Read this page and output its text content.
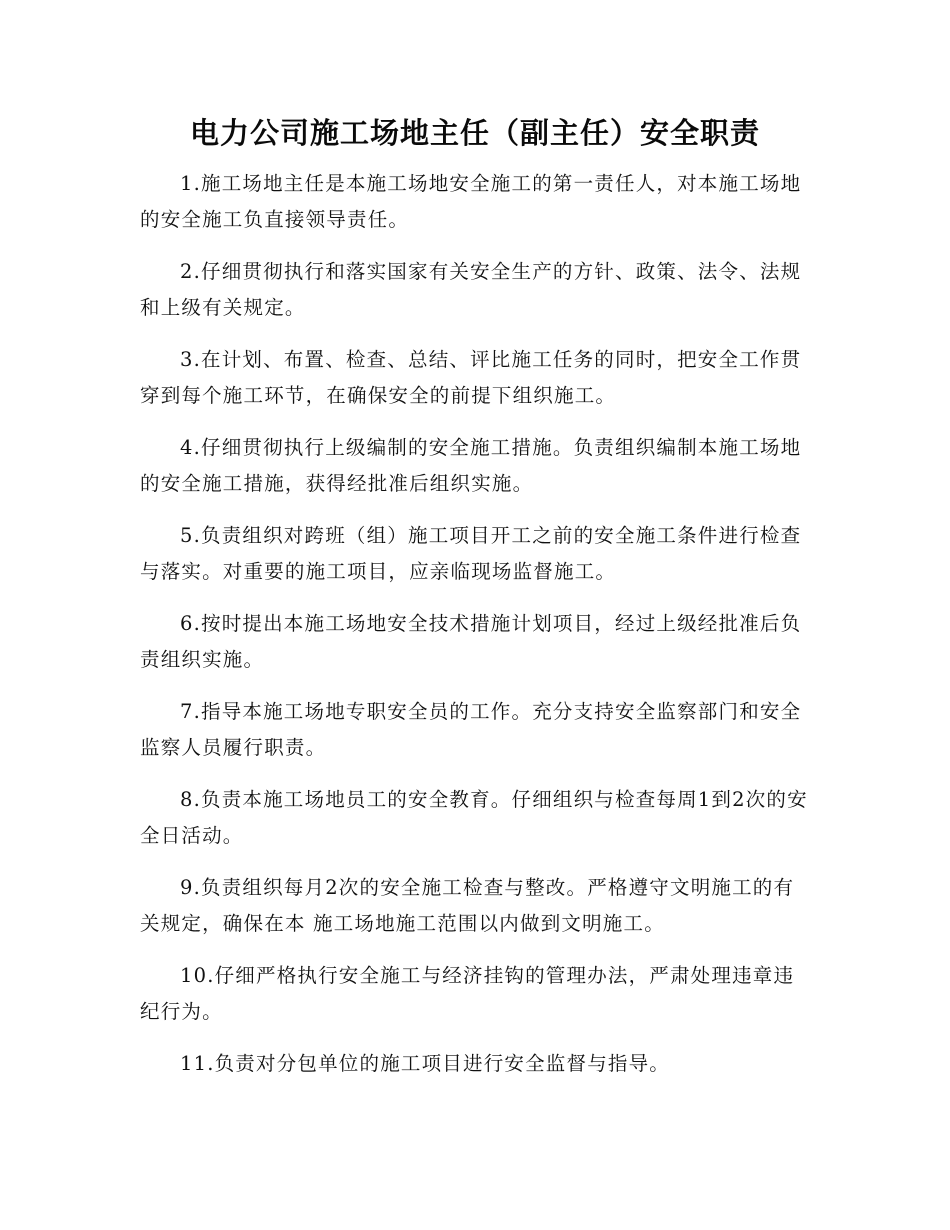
电力公司施工场地主任（副主任）安全职责

1.施工场地主任是本施工场地安全施工的第一责任人，对本施工场地的安全施工负直接领导责任。

2.仔细贯彻执行和落实国家有关安全生产的方针、政策、法令、法规和上级有关规定。

3.在计划、布置、检查、总结、评比施工任务的同时，把安全工作贯穿到每个施工环节，在确保安全的前提下组织施工。

4.仔细贯彻执行上级编制的安全施工措施。负责组织编制本施工场地的安全施工措施，获得经批准后组织实施。

5.负责组织对跨班（组）施工项目开工之前的安全施工条件进行检查与落实。对重要的施工项目，应亲临现场监督施工。

6.按时提出本施工场地安全技术措施计划项目，经过上级经批准后负责组织实施。

7.指导本施工场地专职安全员的工作。充分支持安全监察部门和安全监察人员履行职责。

8.负责本施工场地员工的安全教育。仔细组织与检查每周1到2次的安全日活动。

9.负责组织每月2次的安全施工检查与整改。严格遵守文明施工的有关规定，确保在本 施工场地施工范围以内做到文明施工。

10.仔细严格执行安全施工与经济挂钩的管理办法，严肃处理违章违纪行为。

11.负责对分包单位的施工项目进行安全监督与指导。
